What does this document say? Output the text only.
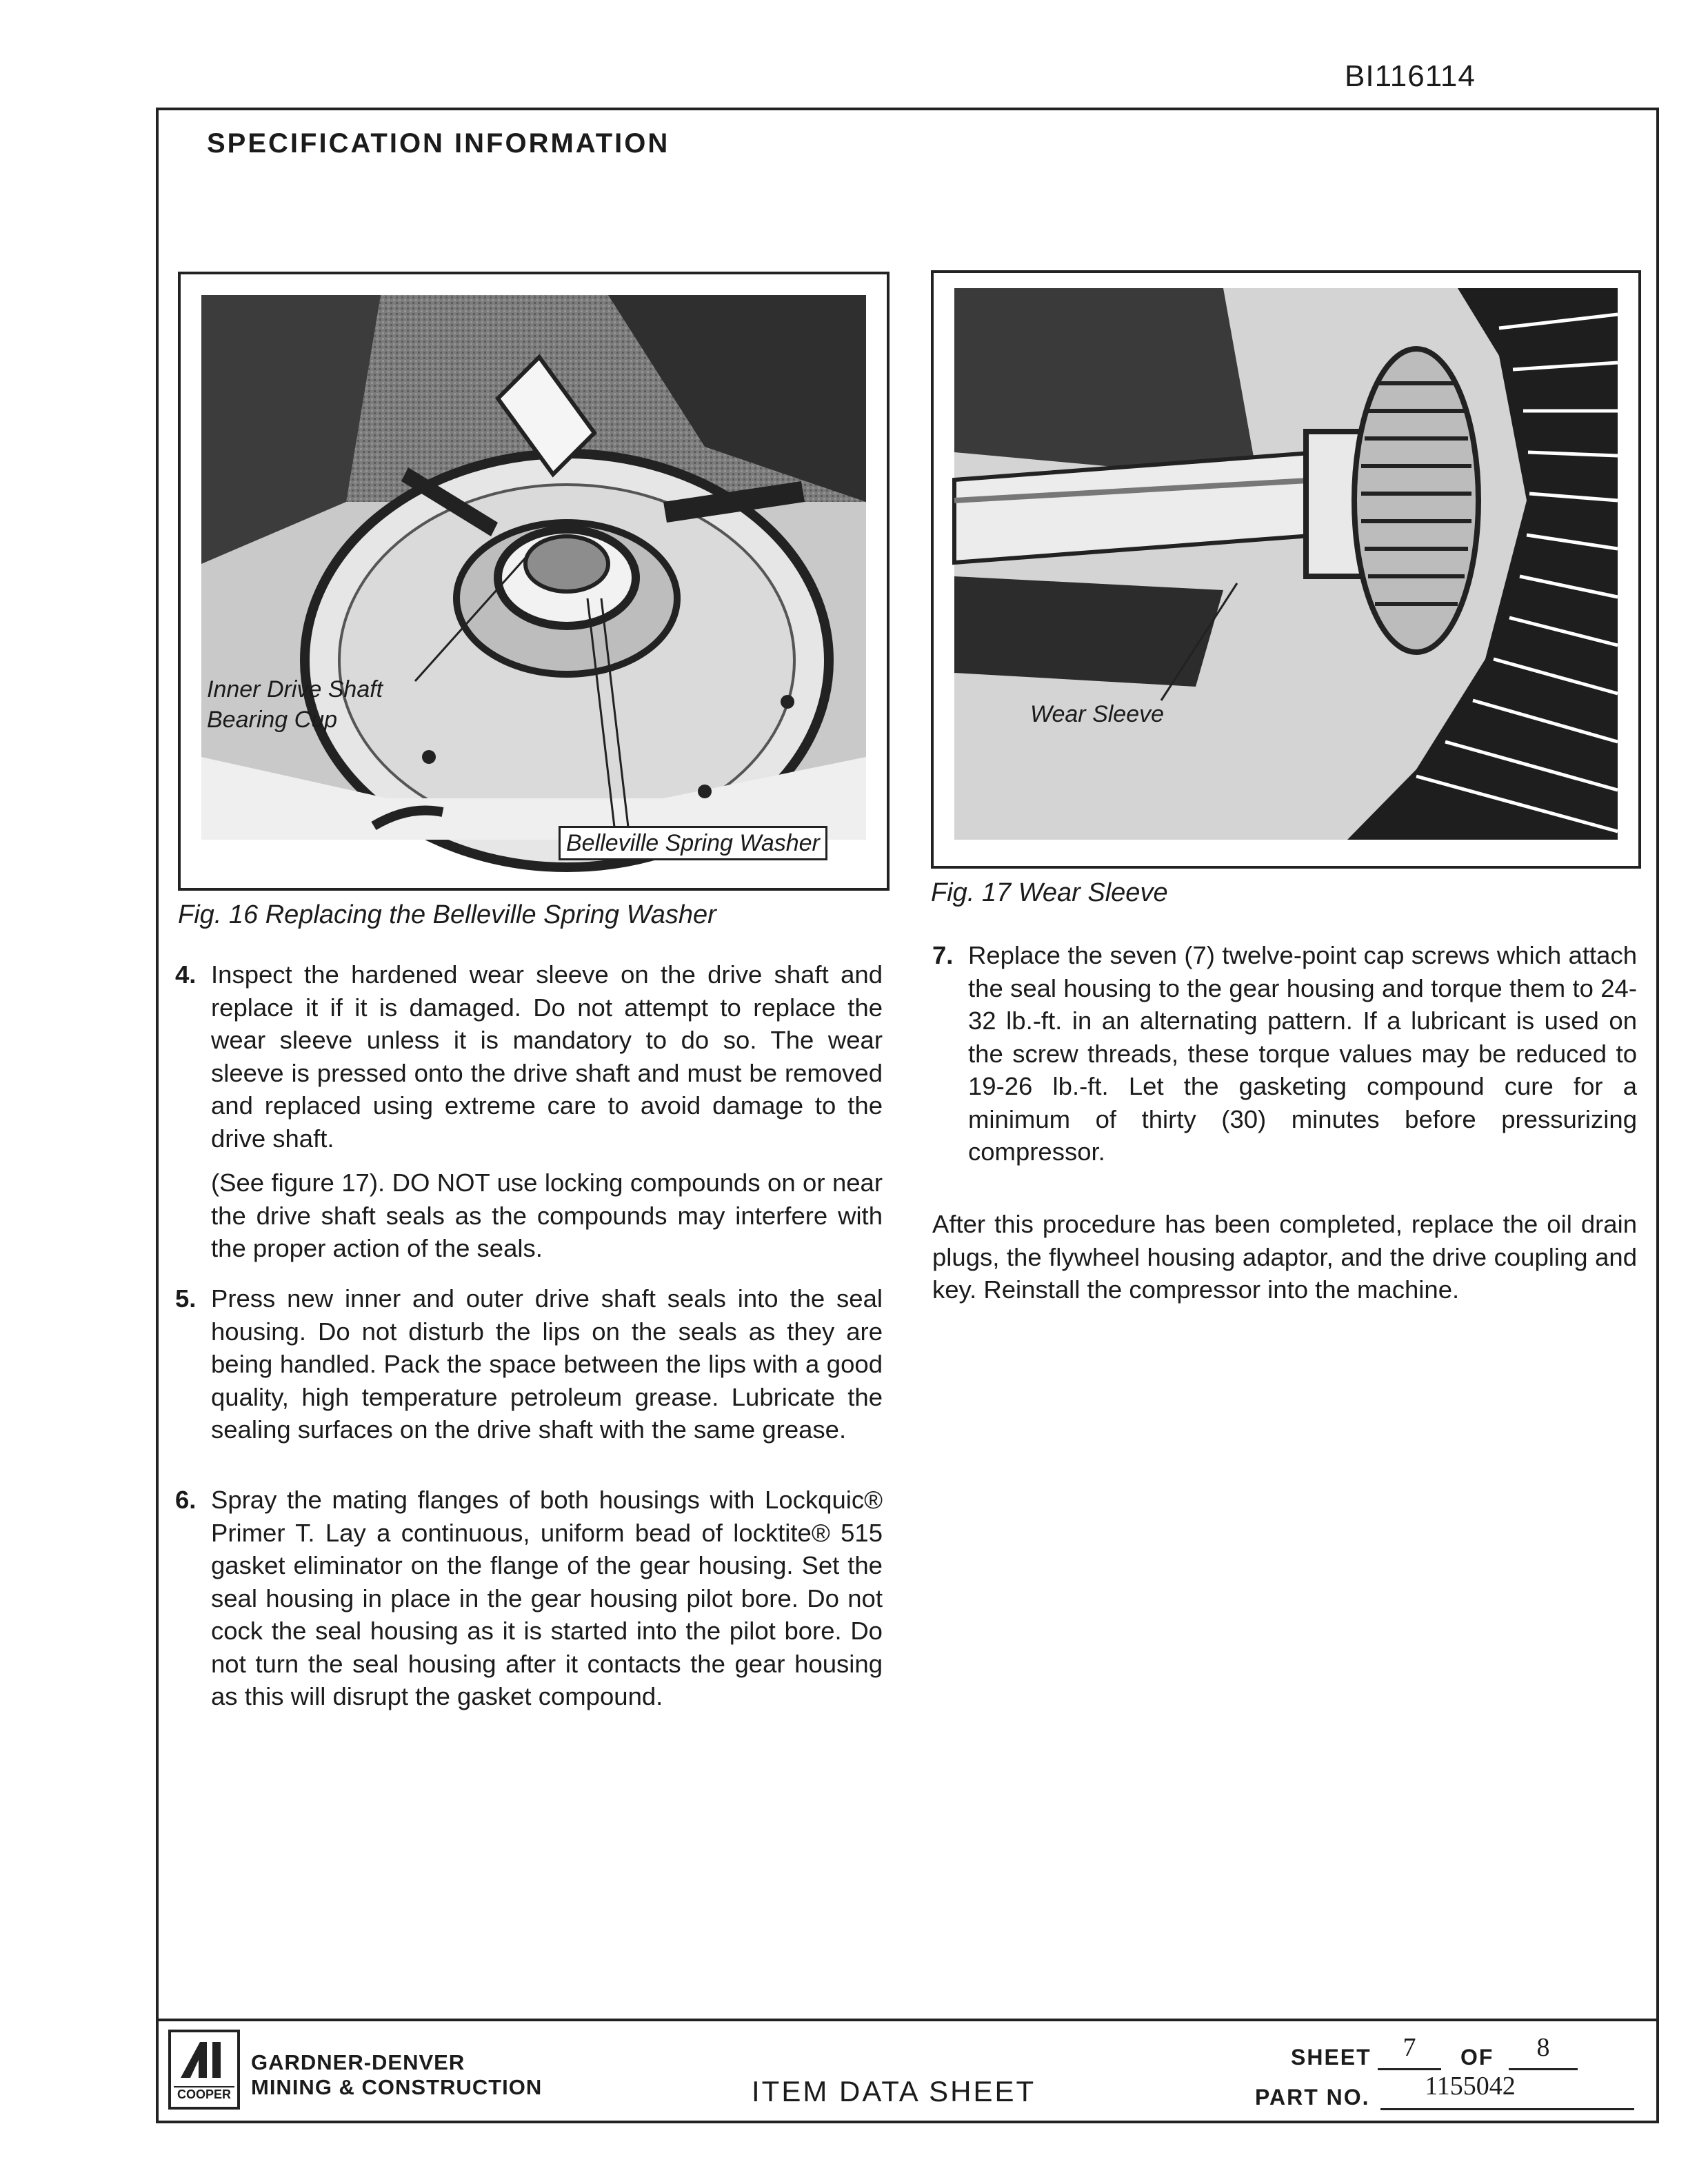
BI116114
SPECIFICATION INFORMATION
Inner Drive Shaft
Bearing Cup
Belleville Spring Washer
Fig. 16 Replacing the Belleville Spring Washer
Wear Sleeve
Fig. 17 Wear Sleeve
4. Inspect the hardened wear sleeve on the drive shaft and replace it if it is damaged. Do not attempt to replace the wear sleeve unless it is mandatory to do so. The wear sleeve is pressed onto the drive shaft and must be removed and replaced using extreme care to avoid damage to the drive shaft.
(See figure 17). DO NOT use locking compounds on or near the drive shaft seals as the compounds may interfere with the proper action of the seals.
5. Press new inner and outer drive shaft seals into the seal housing. Do not disturb the lips on the seals as they are being handled. Pack the space between the lips with a good quality, high temperature petroleum grease. Lubricate the sealing surfaces on the drive shaft with the same grease.
6. Spray the mating flanges of both housings with Lockquic® Primer T. Lay a continuous, uniform bead of locktite® 515 gasket eliminator on the flange of the gear housing. Set the seal housing in place in the gear housing pilot bore. Do not cock the seal housing as it is started into the pilot bore. Do not turn the seal housing after it contacts the gear housing as this will disrupt the gasket compound.
7. Replace the seven (7) twelve-point cap screws which attach the seal housing to the gear housing and torque them to 24-32 lb.-ft. in an alternating pattern. If a lubricant is used on the screw threads, these torque values may be reduced to 19-26 lb.-ft. Let the gasketing compound cure for a minimum of thirty (30) minutes before pressurizing compressor.
After this procedure has been completed, replace the oil drain plugs, the flywheel housing adaptor, and the drive coupling and key. Reinstall the compressor into the machine.
COOPER
GARDNER-DENVER
MINING & CONSTRUCTION	ITEM DATA SHEET
SHEET	7	OF	8
PART NO.	1155042
